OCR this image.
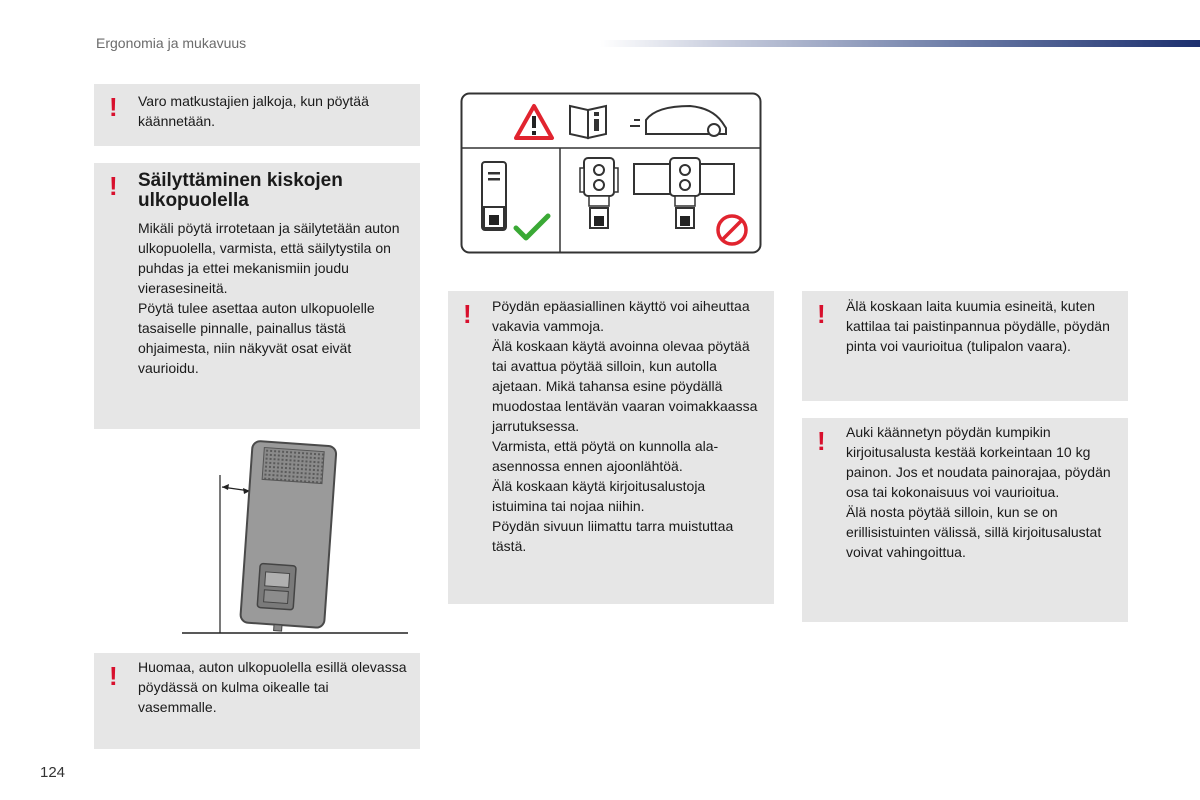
Ergonomia ja mukavuus
! Varo matkustajien jalkoja, kun pöytää käännetään.
! Säilyttäminen kiskojen ulkopuolella

Mikäli pöytä irrotetaan ja säilytetään auton ulkopuolella, varmista, että säilytystila on puhdas ja ettei mekanismiin joudu vierasesineitä.

Pöytä tulee asettaa auton ulkopuolelle tasaiselle pinnalle, painallus tästä ohjaimesta, niin näkyvät osat eivät vaurioidu.

! Huomaa, auton ulkopuolella esillä olevassa pöydässä on kulma oikealle tai vasemmalle.
! Pöydän epäasiallinen käyttö voi aiheuttaa vakavia vammoja.

Älä koskaan käytä avoinna olevaa pöytää tai avattua pöytää silloin, kun autolla ajetaan. Mikä tahansa esine pöydällä muodostaa lentävän vaaran voimakkaassa jarrutuksessa.

Varmista, että pöytä on kunnolla ala-asennossa ennen ajoonlähtöä.

Älä koskaan käytä kirjoitusalustoja istuimina tai nojaa niihin.

Pöydän sivuun liimattu tarra muistuttaa tästä.

! Älä koskaan laita kuumia esineitä, kuten kattilaa tai paistinpannua pöydälle, pöydän pinta voi vaurioitua (tulipalon vaara).
! Auki käännetyn pöydän kumpikin kirjoitusalusta kestää korkeintaan 10 kg painon. Jos et noudata painorajaa, pöydän osa tai kokonaisuus voi vaurioitua.

Älä nosta pöytää silloin, kun se on erillisistuinten välissä, sillä kirjoitusalustat voivat vahingoittua.

124
